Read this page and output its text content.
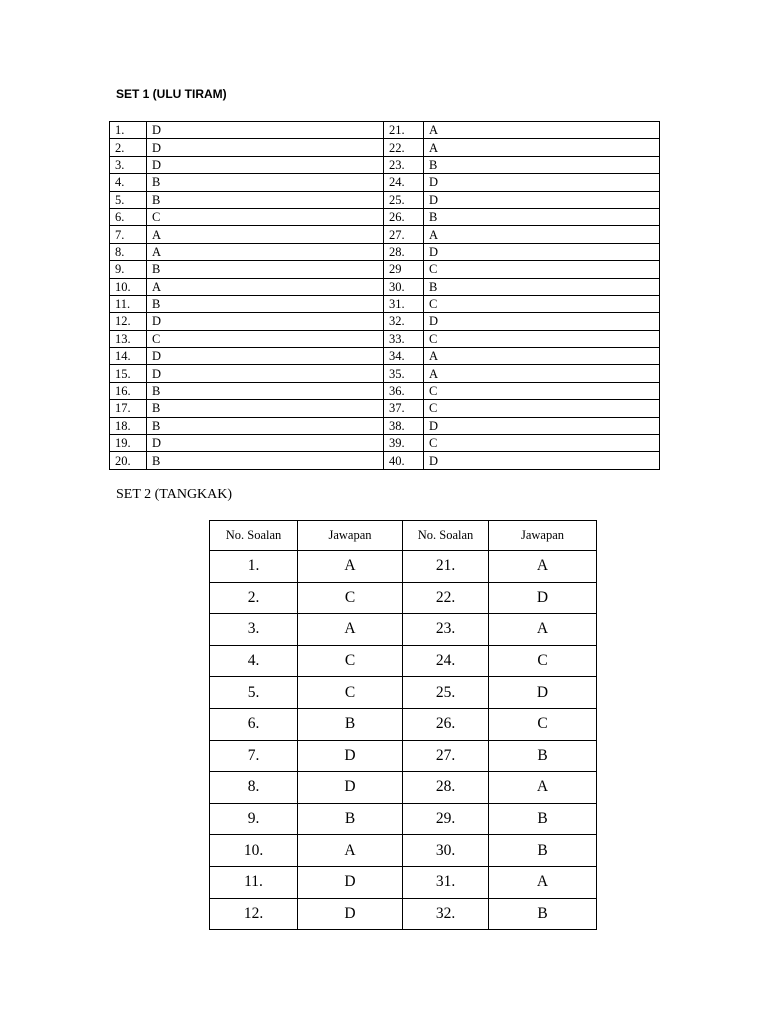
SET 1 (ULU TIRAM)
1.	D	21.	A
2.	D	22.	A
3.	D	23.	B
4.	B	24.	D
5.	B	25.	D
6.	C	26.	B
7.	A	27.	A
8.	A	28.	D
9.	B	29	C
10.	A	30.	B
11.	B	31.	C
12.	D	32.	D
13.	C	33.	C
14.	D	34.	A
15.	D	35.	A
16.	B	36.	C
17.	B	37.	C
18.	B	38.	D
19.	D	39.	C
20.	B	40.	D
SET 2 (TANGKAK)
No. Soalan	Jawapan	No. Soalan	Jawapan
1.	A	21.	A
2.	C	22.	D
3.	A	23.	A
4.	C	24.	C
5.	C	25.	D
6.	B	26.	C
7.	D	27.	B
8.	D	28.	A
9.	B	29.	B
10.	A	30.	B
11.	D	31.	A
12.	D	32.	B
